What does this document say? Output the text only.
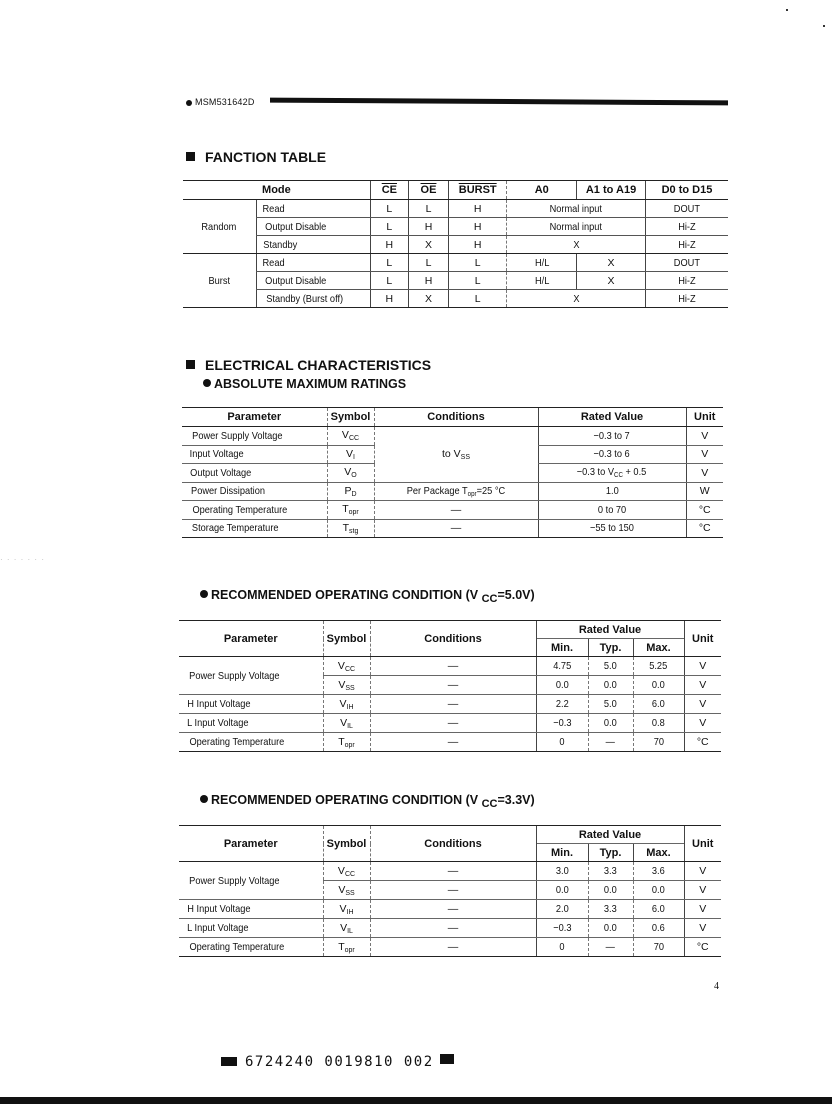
MSM531642D
FANCTION TABLE
Mode		$\overline{CE}$	$\overline{OE}$	BURST	A0	A1 to A19	D0 to D15
Random	Read	L	L	H	Normal input		DOUT
	Output Disable	L	H	H	Normal input		Hi-Z
	Standby	H	X	H	X		Hi-Z
Burst	Read	L	L	L	H/L	X	DOUT
	Output Disable	L	H	L	H/L	X	Hi-Z
	Standby (Burst off)	H	X	L	X		Hi-Z
ELECTRICAL CHARACTERISTICS
ABSOLUTE MAXIMUM RATINGS
Parameter	Symbol	Conditions	Rated Value	Unit
Power Supply Voltage	$V_{CC}$	to $V_{SS}$	−0.3 to 7	V
Input Voltage	$V_I$		−0.3 to 6	V
Output Voltage	$V_O$		−0.3 to $V_{CC} + 0.5$	V
Power Dissipation	$P_D$	Per Package $T_{opr}=25$ °C	1.0	W
Operating Temperature	$T_{opr}$	—	0 to 70	°C
Storage Temperature	$T_{stg}$	—	−55 to 150	°C
· · · · · · ·
RECOMMENDED OPERATING CONDITION (V $_{CC}$=5.0V)
Parameter	Symbol	Conditions	Rated Value			Unit
			Min.	Typ.	Max.	
Power Supply Voltage	$V_{CC}$	—	4.75	5.0	5.25	V
	$V_{SS}$	—	0.0	0.0	0.0	V
H Input Voltage	$V_{IH}$	—	2.2	5.0	6.0	V
L Input Voltage	$V_{IL}$	—	−0.3	0.0	0.8	V
Operating Temperature	$T_{opr}$	—	0	—	70	°C
RECOMMENDED OPERATING CONDITION (V $_{CC}$=3.3V)
Parameter	Symbol	Conditions	Rated Value			Unit
			Min.	Typ.	Max.	
Power Supply Voltage	$V_{CC}$	—	3.0	3.3	3.6	V
	$V_{SS}$	—	0.0	0.0	0.0	V
H Input Voltage	$V_{IH}$	—	2.0	3.3	6.0	V
L Input Voltage	$V_{IL}$	—	−0.3	0.0	0.6	V
Operating Temperature	$T_{opr}$	—	0	—	70	°C
4
6724240 0019810 002
